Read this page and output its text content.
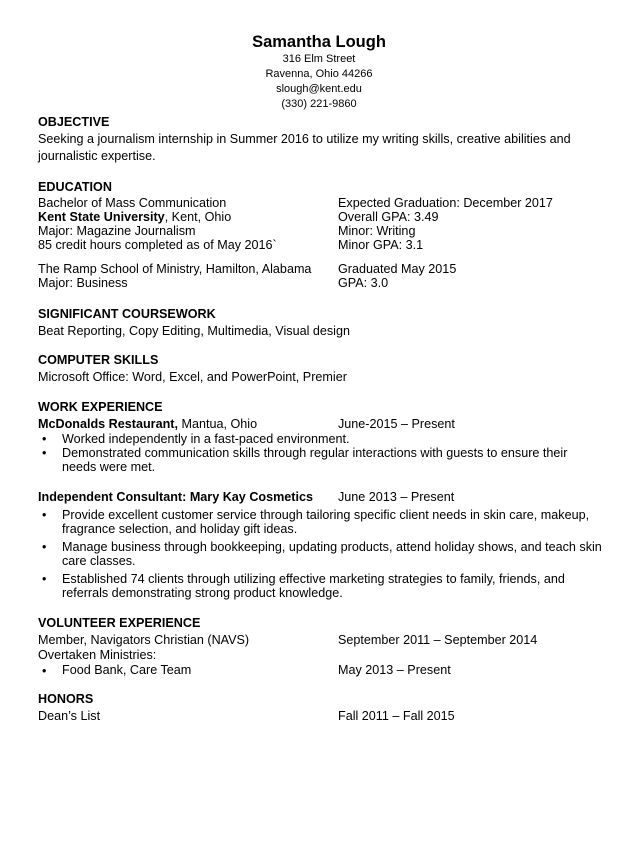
Samantha Lough
316 Elm Street
Ravenna, Ohio 44266
slough@kent.edu
(330) 221-9860
OBJECTIVE
Seeking a journalism internship in Summer 2016 to utilize my writing skills, creative abilities and
journalistic expertise.
EDUCATION
Bachelor of Mass Communication	Expected Graduation: December 2017
Kent State University, Kent, Ohio	Overall GPA: 3.49
Major: Magazine Journalism	Minor: Writing
85 credit hours completed as of May 2016`	Minor GPA: 3.1
The Ramp School of Ministry, Hamilton, Alabama Graduated May 2015
Major: Business	GPA: 3.0
SIGNIFICANT COURSEWORK
Beat Reporting, Copy Editing, Multimedia, Visual design
COMPUTER SKILLS
Microsoft Office: Word, Excel, and PowerPoint, Premier
WORK EXPERIENCE
McDonalds Restaurant, Mantua, Ohio	June-2015 – Present
• Worked independently in a fast-paced environment.
• Demonstrated communication skills through regular interactions with guests to ensure their needs were met.
Independent Consultant: Mary Kay Cosmetics June 2013 – Present
• Provide excellent customer service through tailoring specific client needs in skin care, makeup, fragrance selection, and holiday gift ideas.
• Manage business through bookkeeping, updating products, attend holiday shows, and teach skin care classes.
• Established 74 clients through utilizing effective marketing strategies to family, friends, and referrals demonstrating strong product knowledge.
VOLUNTEER EXPERIENCE
Member, Navigators Christian (NAVS)	September 2011 – September 2014
Overtaken Ministries:
• Food Bank, Care Team	May 2013 – Present
HONORS
Dean’s List	Fall 2011 – Fall 2015
